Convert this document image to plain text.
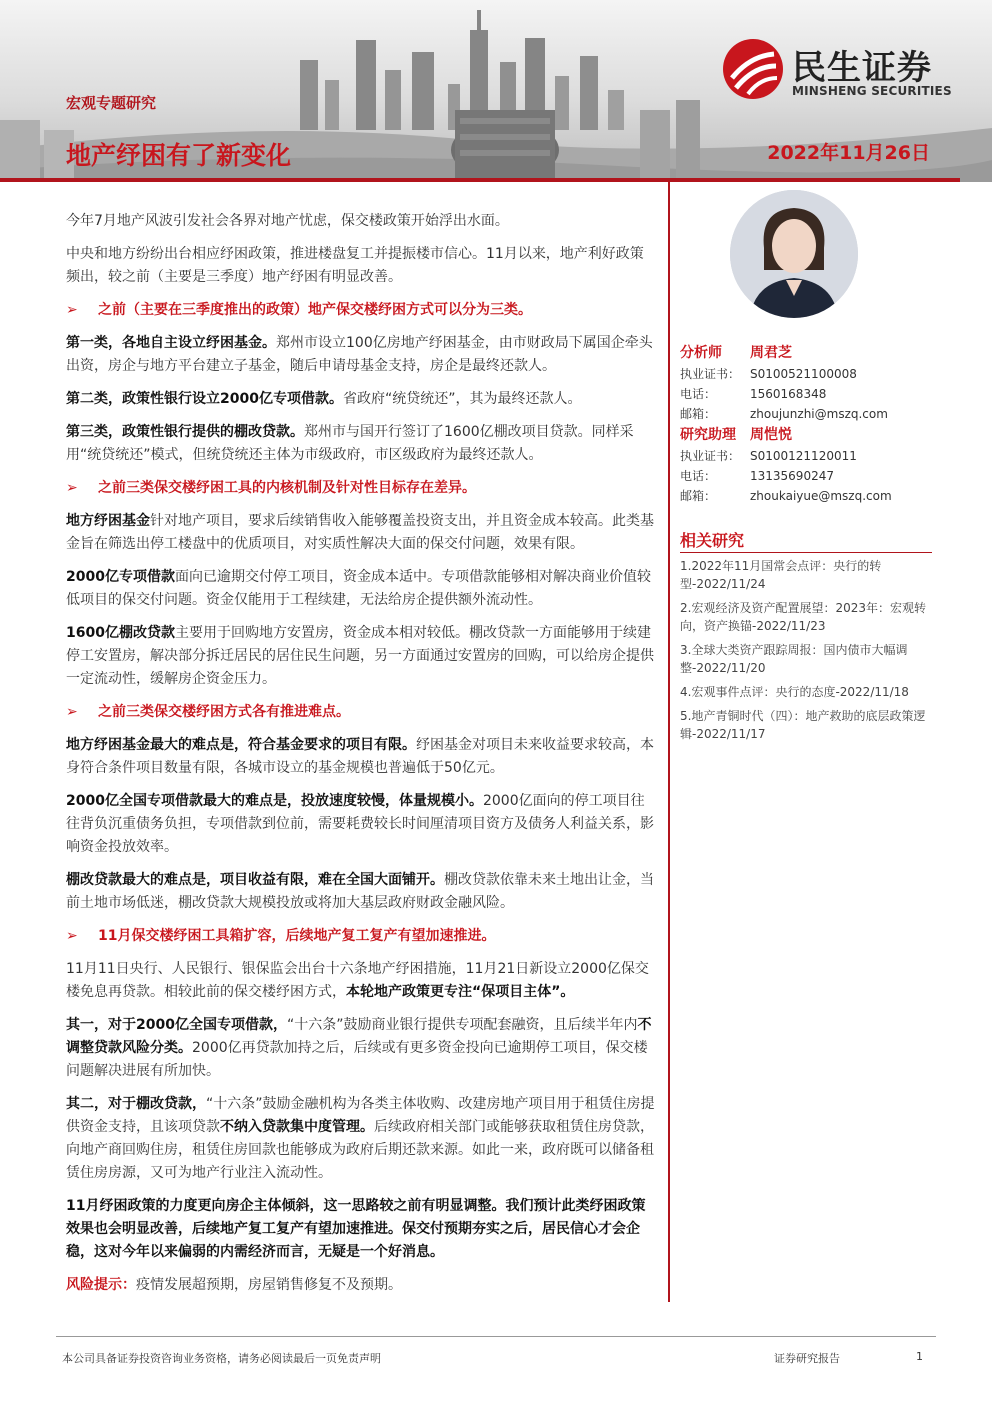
民生证券
MINSHENG SECURITIES
宏观专题研究
地产纾困有了新变化	2022年11月26日

今年7月地产风波引发社会各界对地产忧虑，保交楼政策开始浮出水面。

中央和地方纷纷出台相应纾困政策，推进楼盘复工并提振楼市信心。11月以来，地产利好政策频出，较之前（主要是三季度）地产纾困有明显改善。

➢ 之前（主要在三季度推出的政策）地产保交楼纾困方式可以分为三类。

第一类，各地自主设立纾困基金。郑州市设立100亿房地产纾困基金，由市财政局下属国企牵头出资，房企与地方平台建立子基金，随后申请母基金支持，房企是最终还款人。

第二类，政策性银行设立2000亿专项借款。省政府“统贷统还”，其为最终还款人。

第三类，政策性银行提供的棚改贷款。郑州市与国开行签订了1600亿棚改项目贷款。同样采用“统贷统还”模式，但统贷统还主体为市级政府，市区级政府为最终还款人。

➢ 之前三类保交楼纾困工具的内核机制及针对性目标存在差异。

地方纾困基金针对地产项目，要求后续销售收入能够覆盖投资支出，并且资金成本较高。此类基金旨在筛选出停工楼盘中的优质项目，对实质性解决大面的保交付问题，效果有限。

2000亿专项借款面向已逾期交付停工项目，资金成本适中。专项借款能够相对解决商业价值较低项目的保交付问题。资金仅能用于工程续建，无法给房企提供额外流动性。

1600亿棚改贷款主要用于回购地方安置房，资金成本相对较低。棚改贷款一方面能够用于续建停工安置房，解决部分拆迁居民的居住民生问题，另一方面通过安置房的回购，可以给房企提供一定流动性，缓解房企资金压力。

➢ 之前三类保交楼纾困方式各有推进难点。

地方纾困基金最大的难点是，符合基金要求的项目有限。纾困基金对项目未来收益要求较高，本身符合条件项目数量有限，各城市设立的基金规模也普遍低于50亿元。

2000亿全国专项借款最大的难点是，投放速度较慢，体量规模小。2000亿面向的停工项目往往背负沉重债务负担，专项借款到位前，需要耗费较长时间厘清项目资方及债务人利益关系，影响资金投放效率。

棚改贷款最大的难点是，项目收益有限，难在全国大面铺开。棚改贷款依靠未来土地出让金，当前土地市场低迷，棚改贷款大规模投放或将加大基层政府财政金融风险。

➢ 11月保交楼纾困工具箱扩容，后续地产复工复产有望加速推进。

11月11日央行、人民银行、银保监会出台十六条地产纾困措施，11月21日新设立2000亿保交楼免息再贷款。相较此前的保交楼纾困方式，本轮地产政策更专注“保项目主体”。

其一，对于2000亿全国专项借款，“十六条”鼓励商业银行提供专项配套融资，且后续半年内不调整贷款风险分类。2000亿再贷款加持之后，后续或有更多资金投向已逾期停工项目，保交楼问题解决进展有所加快。

其二，对于棚改贷款，“十六条”鼓励金融机构为各类主体收购、改建房地产项目用于租赁住房提供资金支持，且该项贷款不纳入贷款集中度管理。后续政府相关部门或能够获取租赁住房贷款，向地产商回购住房，租赁住房回款也能够成为政府后期还款来源。如此一来，政府既可以储备租赁住房房源，又可为地产行业注入流动性。

11月纾困政策的力度更向房企主体倾斜，这一思路较之前有明显调整。我们预计此类纾困政策效果也会明显改善，后续地产复工复产有望加速推进。保交付预期夯实之后，居民信心才会企稳，这对今年以来偏弱的内需经济而言，无疑是一个好消息。

风险提示：疫情发展超预期，房屋销售修复不及预期。

分析师 周君芝
执业证书： S0100521100008
电话：	15601683​48
邮箱：	zhoujunzhi@mszq.com
研究助理 周恺悦
执业证书： S0100121120011
电话：	13135690247
邮箱：	zhoukaiyue@mszq.com
相关研究
1.2022年11月国常会点评：央行的转型-2022/11/24
2.宏观经济及资产配置展望：2023年：宏观转向，资产换锚-2022/11/23
3.全球大类资产跟踪周报：国内债市大幅调整-2022/11/20
4.宏观事件点评：央行的态度-2022/11/18
5.地产青铜时代（四）：地产救助的底层政策逻辑-2022/11/17
本公司具备证券投资咨询业务资格，请务必阅读最后一页免责声明	证券研究报告	1
